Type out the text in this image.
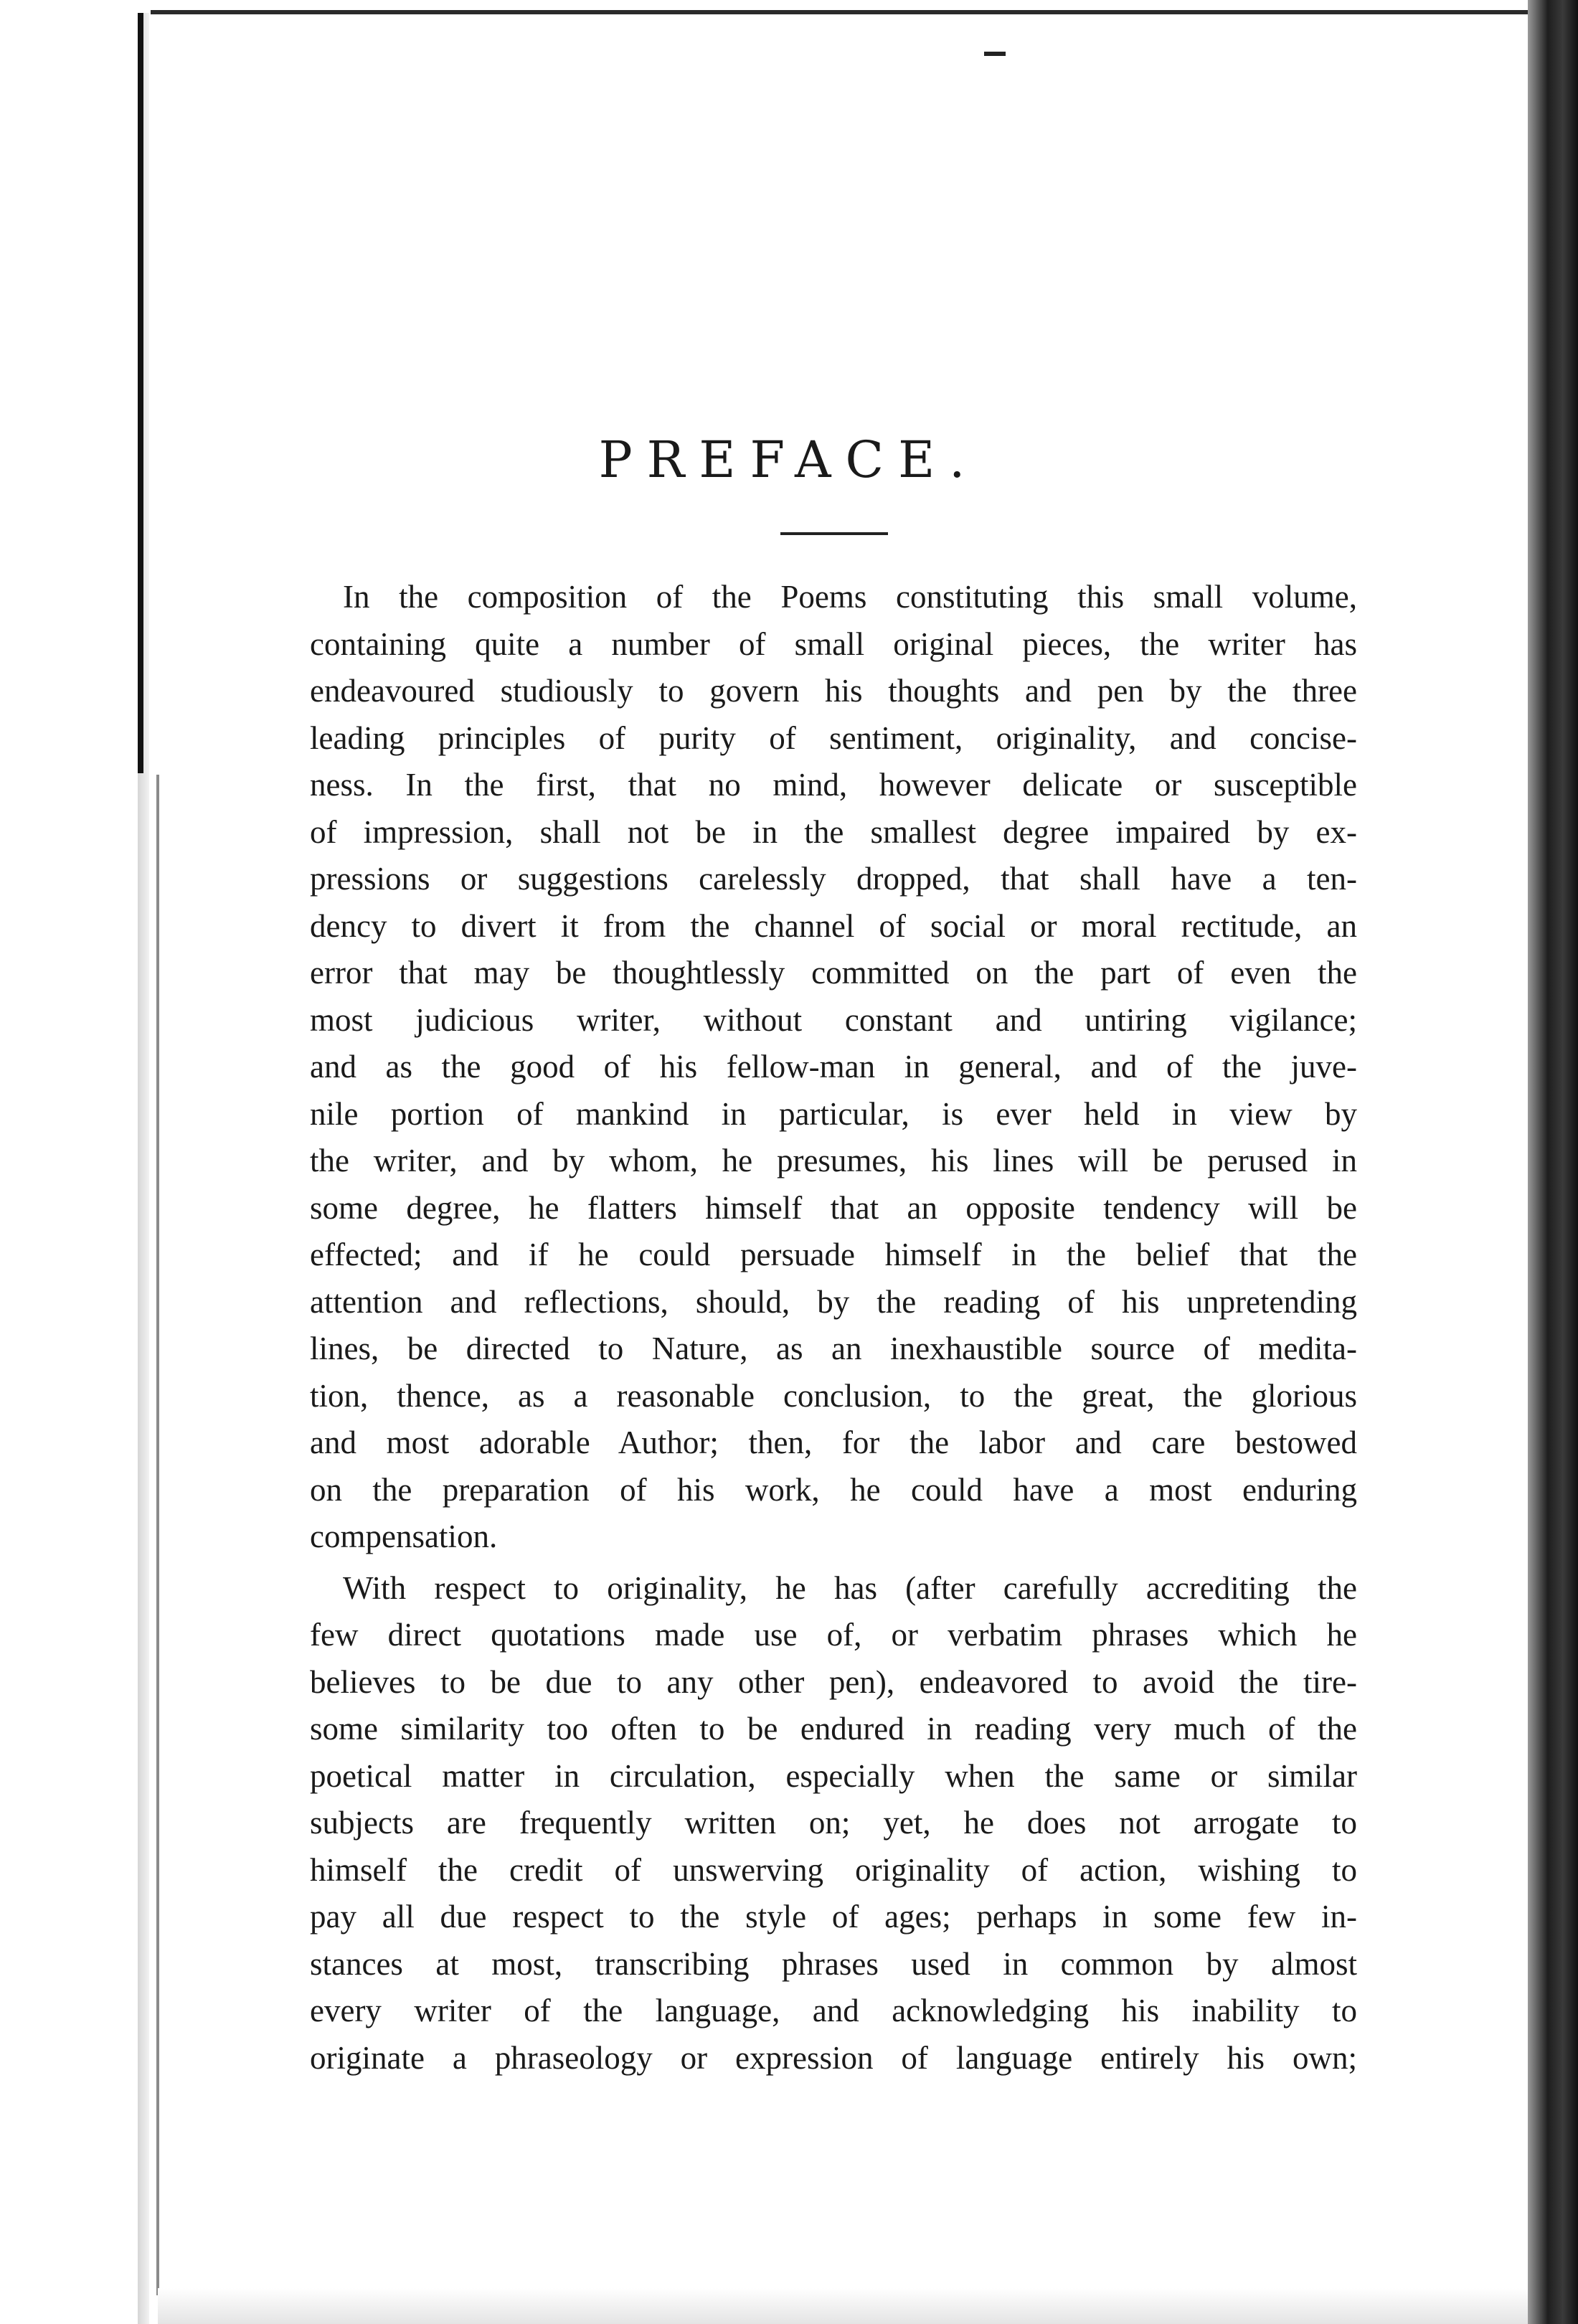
PREFACE.

In the composition of the Poems constituting this small volume,
containing quite a number of small original pieces, the writer has
endeavoured studiously to govern his thoughts and pen by the three
leading principles of purity of sentiment, originality, and concise-
ness. In the first, that no mind, however delicate or susceptible
of impression, shall not be in the smallest degree impaired by ex-
pressions or suggestions carelessly dropped, that shall have a ten-
dency to divert it from the channel of social or moral rectitude, an
error that may be thoughtlessly committed on the part of even the
most judicious writer, without constant and untiring vigilance;
and as the good of his fellow-man in general, and of the juve-
nile portion of mankind in particular, is ever held in view by
the writer, and by whom, he presumes, his lines will be perused in
some degree, he flatters himself that an opposite tendency will be
effected; and if he could persuade himself in the belief that the
attention and reflections, should, by the reading of his unpretending
lines, be directed to Nature, as an inexhaustible source of medita-
tion, thence, as a reasonable conclusion, to the great, the glorious
and most adorable Author; then, for the labor and care bestowed
on the preparation of his work, he could have a most enduring
compensation.

With respect to originality, he has (after carefully accrediting the
few direct quotations made use of, or verbatim phrases which he
believes to be due to any other pen), endeavored to avoid the tire-
some similarity too often to be endured in reading very much of the
poetical matter in circulation, especially when the same or similar
subjects are frequently written on; yet, he does not arrogate to
himself the credit of unswerving originality of action, wishing to
pay all due respect to the style of ages; perhaps in some few in-
stances at most, transcribing phrases used in common by almost
every writer of the language, and acknowledging his inability to
originate a phraseology or expression of language entirely his own;
